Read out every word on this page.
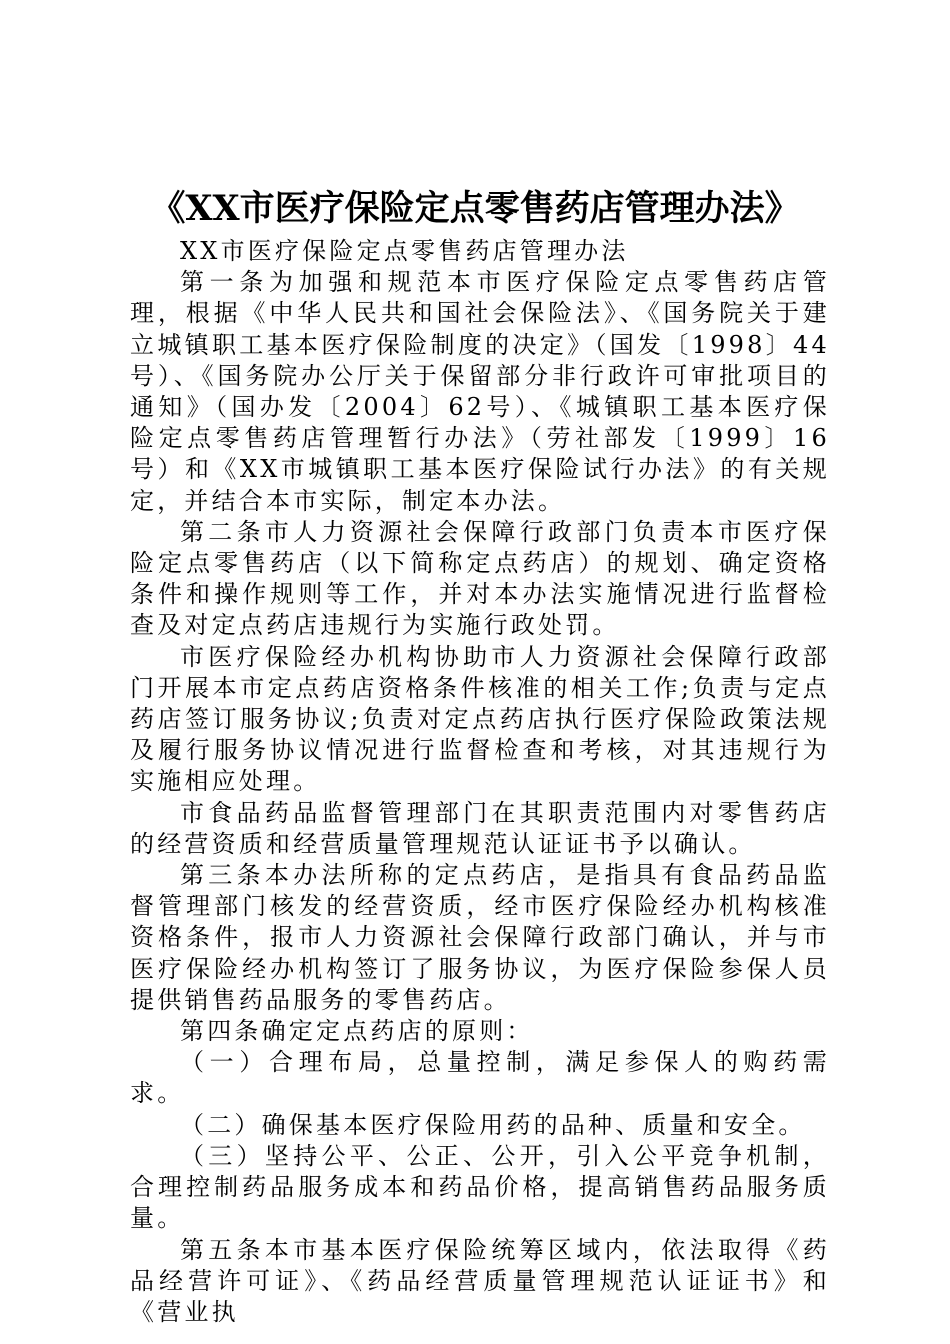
《XX市医疗保险定点零售药店管理办法》

XX市医疗保险定点零售药店管理办法

第一条为加强和规范本市医疗保险定点零售药店管理，根据《中华人民共和国社会保险法》、《国务院关于建立城镇职工基本医疗保险制度的决定》（国发〔1998〕44号）、《国务院办公厅关于保留部分非行政许可审批项目的通知》（国办发〔2004〕62号）、《城镇职工基本医疗保险定点零售药店管理暂行办法》（劳社部发〔1999〕16号）和《XX市城镇职工基本医疗保险试行办法》的有关规定，并结合本市实际，制定本办法。

第二条市人力资源社会保障行政部门负责本市医疗保险定点零售药店（以下简称定点药店）的规划、确定资格条件和操作规则等工作，并对本办法实施情况进行监督检查及对定点药店违规行为实施行政处罚。

市医疗保险经办机构协助市人力资源社会保障行政部门开展本市定点药店资格条件核准的相关工作;负责与定点药店签订服务协议;负责对定点药店执行医疗保险政策法规及履行服务协议情况进行监督检查和考核，对其违规行为实施相应处理。

市食品药品监督管理部门在其职责范围内对零售药店的经营资质和经营质量管理规范认证证书予以确认。

第三条本办法所称的定点药店，是指具有食品药品监督管理部门核发的经营资质，经市医疗保险经办机构核准资格条件，报市人力资源社会保障行政部门确认，并与市医疗保险经办机构签订了服务协议，为医疗保险参保人员提供销售药品服务的零售药店。

第四条确定定点药店的原则：

（一）合理布局，总量控制，满足参保人的购药需求。

（二）确保基本医疗保险用药的品种、质量和安全。

（三）坚持公平、公正、公开，引入公平竞争机制，合理控制药品服务成本和药品价格，提高销售药品服务质量。

第五条本市基本医疗保险统筹区域内，依法取得《药品经营许可证》、《药品经营质量管理规范认证证书》和《营业执
